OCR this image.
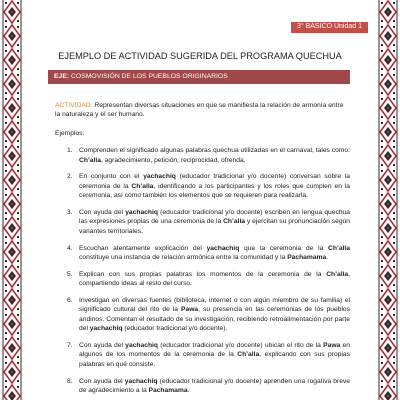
3° BÁSICO Unidad 1
EJEMPLO DE ACTIVIDAD SUGERIDA DEL PROGRAMA QUECHUA
EJE: COSMOVISIÓN DE LOS PUEBLOS ORIGINARIOS

ACTIVIDAD: Representan diversas situaciones en que se manifiesta la relación de armonía entre la naturaleza y el ser humano.

Ejemplos:

1. Comprenden el significado algunas palabras quechua utilizadas en el carnaval, tales como: Ch’alla, agradecimiento, petición, reciprocidad, ofrenda.
2. En conjunto con el yachachiq (educador tradicional y/o docente) conversan sobre la ceremonia de la Ch’alla, identificando a los participantes y los roles que cumplen en la ceremonia, así como también los elementos que se requieren para realizarla.
3. Con ayuda del yachachiq (educador tradicional y/o docente) escriben en lengua quechua las expresiones propias de una ceremonia de la Ch’alla y ejercitan su pronunciación según variantes territoriales.
4. Escuchan atentamente explicación del yachachiq que la ceremonia de la Ch’alla constituye una instancia de relación armónica entre la comunidad y la Pachamama.
5. Explican con sus propias palabras los momentos de la ceremonia de la Ch’alla, compartiendo ideas al resto del curso.
6. Investigan en diversas fuentes (biblioteca, internet o con algún miembro de su familia) el significado cultural del rito de la Pawa, su presencia en las ceremonias de los pueblos andinos. Comentan el resultado de su investigación, recibiendo retroalimentación por parte del yachachiq (educador tradicional y/o docente).
7. Con ayuda del yachachiq (educador tradicional y/o docente) ubican el rito de la Pawa en algunos de los momentos de la ceremonia de la Ch’alla, explicando con sus propias palabras en qué consiste.
8. Con ayuda del yachachiq (educador tradicional y/o docente) aprenden una rogativa breve de agradecimiento a la Pachamama.
